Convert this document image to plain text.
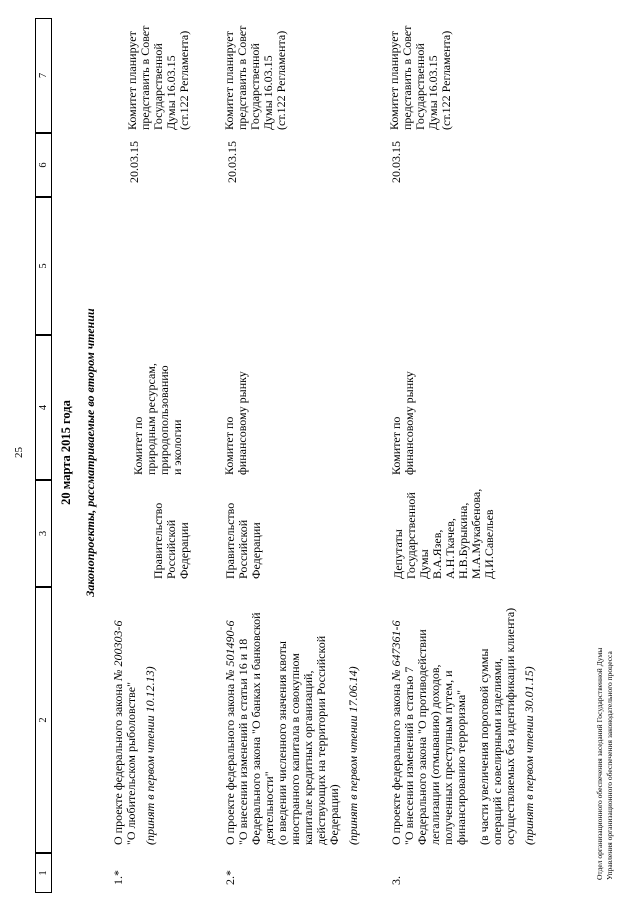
25	20 марта 2015 года Законопроекты, рассматриваемые во втором чтении
1
2
3
4
5
6
7
1.*
О проекте федерального закона № 200303-6
"О любительском рыболовстве" (принят в первом чтении 10.12.13)
Правительство Российской Федерации
Комитет по природным ресурсам, природопользованию и экологии
20.03.15
Комитет планирует представить в Совет Государственной Думы 16.03.15 (ст.122 Регламента)
2.*
О проекте федерального закона № 501490-6 "О внесении изменений в статьи 16 и 18 Федерального закона "О банках и банковской деятельности" (о введении численного значения квоты иностранного капитала в совокупном капитале кредитных организаций, действующих на территории Российской Федерации) (принят в первом чтении 17.06.14)
Правительство Российской Федерации
Комитет по финансовому рынку
20.03.15
Комитет планирует представить в Совет Государственной Думы 16.03.15 (ст.122 Регламента)
3.
О проекте федерального закона № 647361-6
"О внесении изменений в статью 7 Федерального закона "О противодействии легализации (отмыванию) доходов, полученных преступным путем, и финансированию терроризма" (в части увеличения пороговой суммы операций с ювелирными изделиями, осуществляемых без идентификации клиента) (принят в первом чтении 30.01.15)
Депутаты Государственной Думы В.А.Язев, А.Н.Ткачев, Н.В.Бурыкина, М.А.Мукабенова, Д.И.Савельев
Комитет по финансовому рынку
20.03.15
Комитет планирует представить в Совет Государственной Думы 16.03.15 (ст.122 Регламента)
Отдел организационного обеспечения заседаний Государственной Думы Управления организационного обеспечения законодательного процесса
